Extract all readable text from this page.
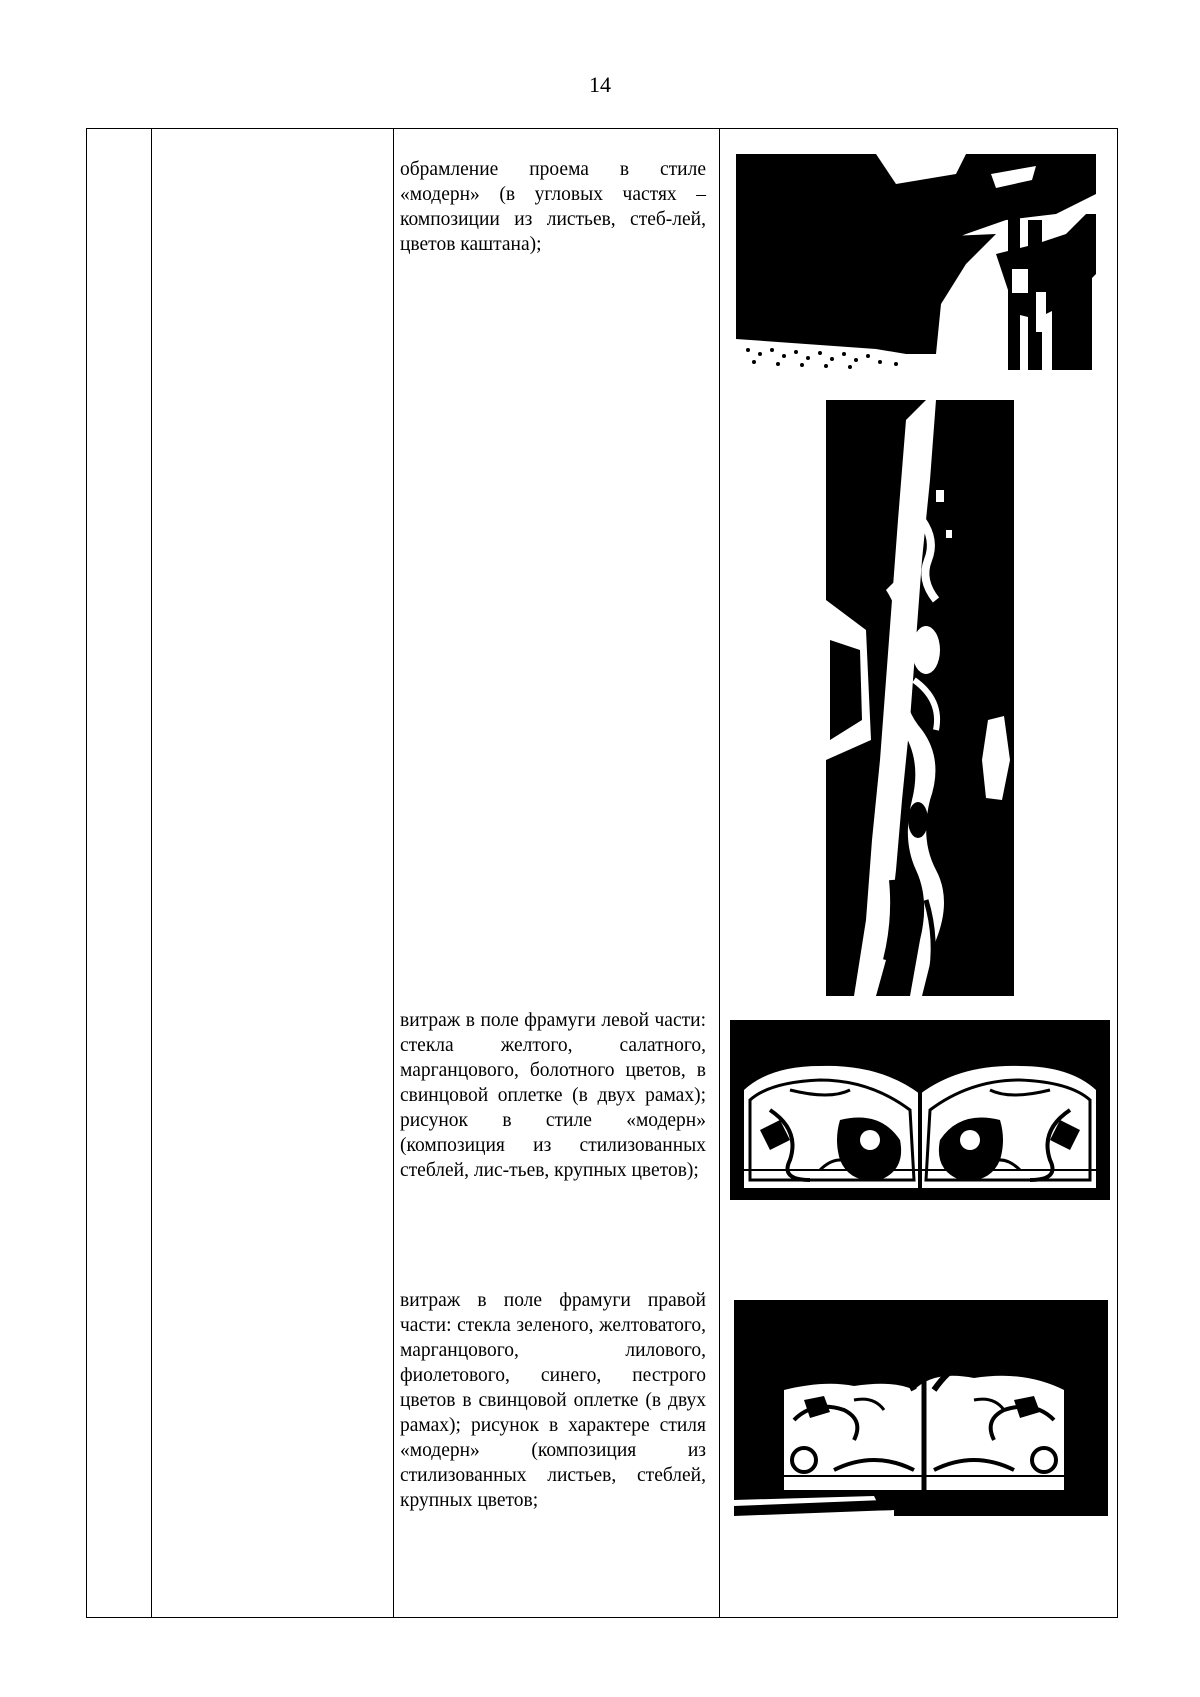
14
обрамление проема в стиле «модерн» (в угловых частях – композиции из листьев, стеб-лей, цветов каштана);
витраж в поле фрамуги левой части: стекла желтого, салатного, марганцового, болотного цветов, в свинцовой оплетке (в двух рамах); рисунок в стиле «модерн» (композиция из стилизованных стеблей, лис-тьев, крупных цветов);
витраж в поле фрамуги правой части: стекла зеленого, желтоватого, марганцового, лилового, фиолетового, синего, пестрого цветов в свинцовой оплетке (в двух рамах); рисунок в характере стиля «модерн» (композиция из стилизованных листьев, стеблей, крупных цветов;
